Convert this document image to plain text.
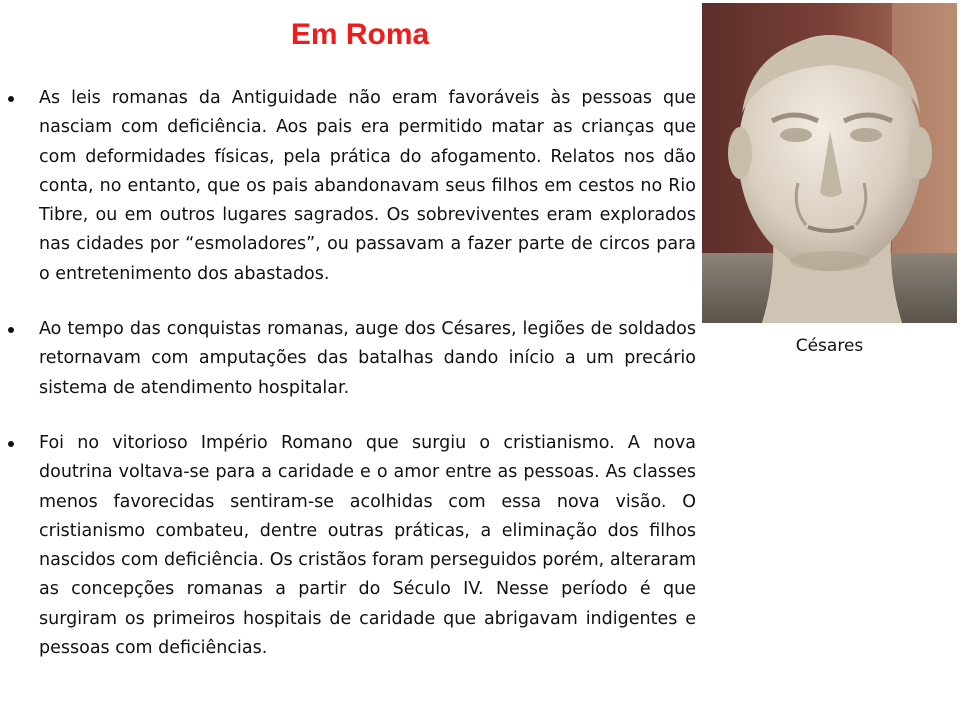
Em Roma

As leis romanas da Antiguidade não eram favoráveis às pessoas que nasciam com deficiência. Aos pais era permitido matar as crianças que com deformidades físicas, pela prática do afogamento. Relatos nos dão conta, no entanto, que os pais abandonavam seus filhos em cestos no Rio Tibre, ou em outros lugares sagrados. Os sobreviventes eram explorados nas cidades por “esmoladores”, ou passavam a fazer parte de circos para o entretenimento dos abastados.

Ao tempo das conquistas romanas, auge dos Césares, legiões de soldados retornavam com amputações das batalhas dando início a um precário sistema de atendimento hospitalar.

Foi no vitorioso Império Romano que surgiu o cristianismo. A nova doutrina voltava-se para a caridade e o amor entre as pessoas. As classes menos favorecidas sentiram-se acolhidas com essa nova visão. O cristianismo combateu, dentre outras práticas, a eliminação dos filhos nascidos com deficiência. Os cristãos foram perseguidos porém, alteraram as concepções romanas a partir do Século IV. Nesse período é que surgiram os primeiros hospitais de caridade que abrigavam indigentes e pessoas com deficiências.

Césares
